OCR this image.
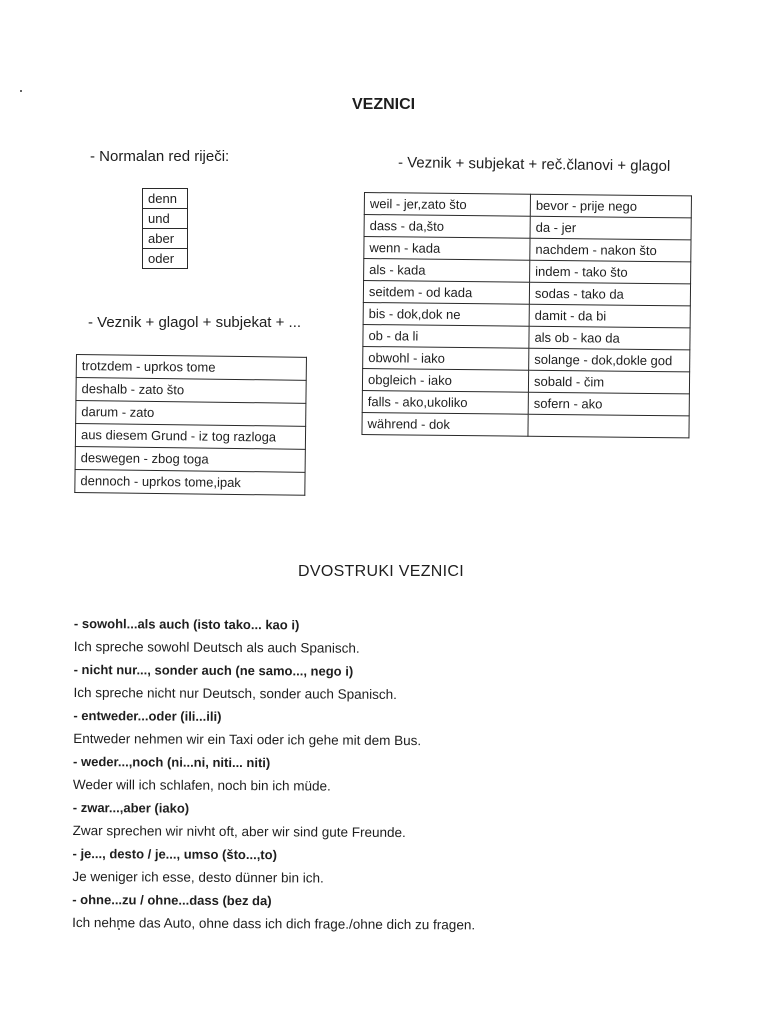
VEZNICI
- Normalan red riječi:
denn
und
aber
oder
- Veznik + glagol + subjekat + ...
trotzdem - uprkos tome
deshalb - zato što
darum - zato
aus diesem Grund - iz tog razloga
deswegen - zbog toga
dennoch - uprkos tome,ipak
- Veznik + subjekat + reč.članovi + glagol
weil - jer,zato što	bevor - prije nego
dass - da,što	da - jer
wenn - kada	nachdem - nakon što
als - kada	indem - tako što
seitdem - od kada	sodas - tako da
bis - dok,dok ne	damit - da bi
ob - da li	als ob - kao da
obwohl - iako	solange - dok,dokle god
obgleich - iako	sobald - čim
falls - ako,ukoliko	sofern - ako
während - dok	
DVOSTRUKI VEZNICI
- sowohl...als auch (isto tako... kao i)
Ich spreche sowohl Deutsch als auch Spanisch.
- nicht nur..., sonder auch (ne samo..., nego i)
Ich spreche nicht nur Deutsch, sonder auch Spanisch.
- entweder...oder (ili...ili)
Entweder nehmen wir ein Taxi oder ich gehe mit dem Bus.
- weder...,noch (ni...ni, niti... niti)
Weder will ich schlafen, noch bin ich müde.
- zwar...,aber (iako)
Zwar sprechen wir nivht oft, aber wir sind gute Freunde.
- je..., desto / je..., umso (što...,to)
Je weniger ich esse, desto dünner bin ich.
- ohne...zu / ohne...dass (bez da)
Ich nehme das Auto, ohne dass ich dich frage./ohne dich zu fragen.
